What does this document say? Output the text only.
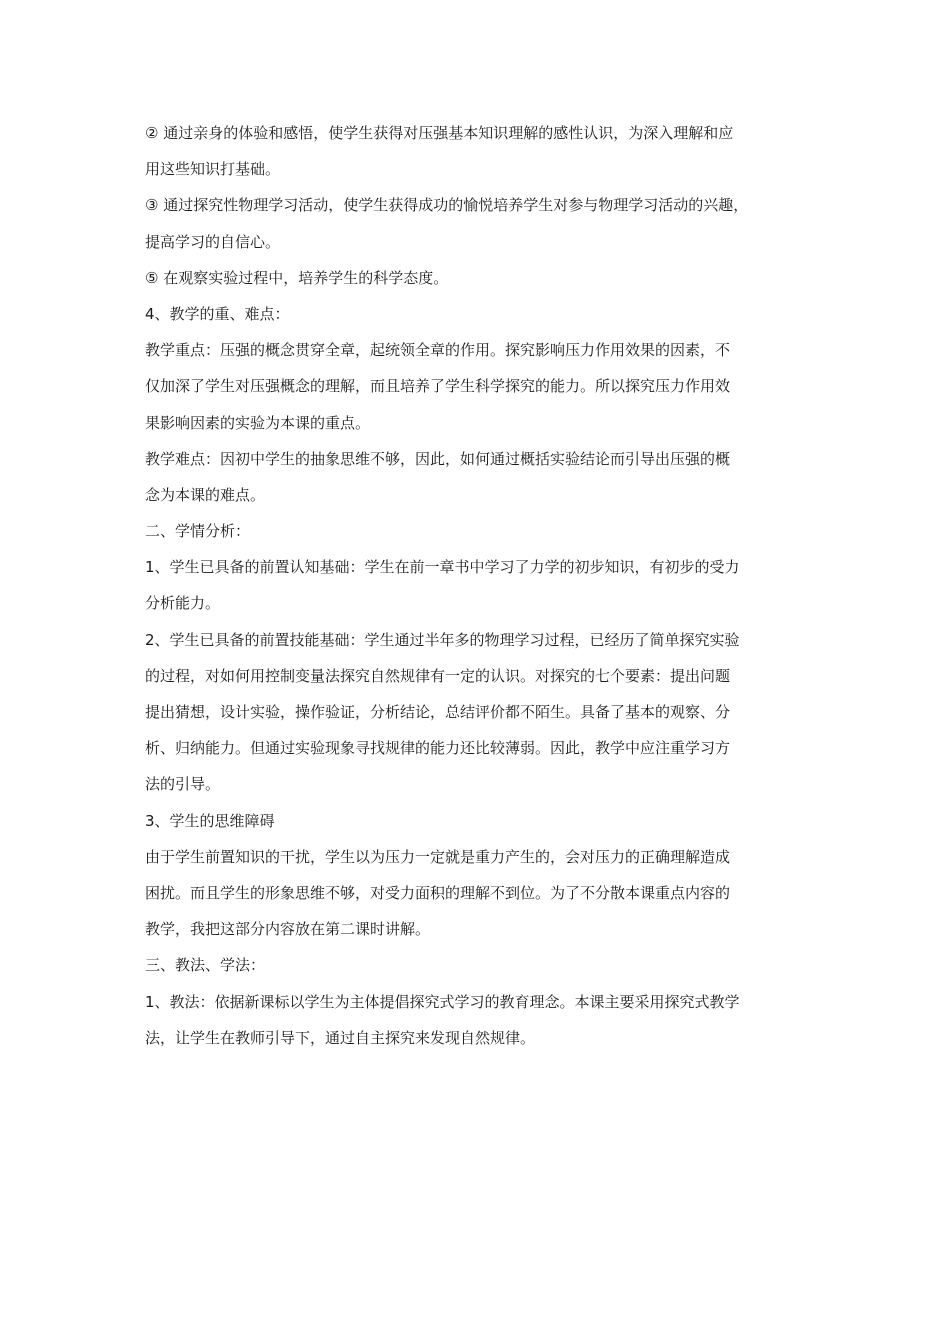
② 通过亲身的体验和感悟，使学生获得对压强基本知识理解的感性认识，为深入理解和应
用这些知识打基础。
③ 通过探究性物理学习活动，使学生获得成功的愉悦培养学生对参与物理学习活动的兴趣，
提高学习的自信心。
⑤ 在观察实验过程中，培养学生的科学态度。
4、教学的重、难点：
教学重点：压强的概念贯穿全章，起统领全章的作用。探究影响压力作用效果的因素，不
仅加深了学生对压强概念的理解，而且培养了学生科学探究的能力。所以探究压力作用效
果影响因素的实验为本课的重点。
教学难点：因初中学生的抽象思维不够，因此，如何通过概括实验结论而引导出压强的概
念为本课的难点。
二、学情分析：
1、学生已具备的前置认知基础：学生在前一章书中学习了力学的初步知识，有初步的受力
分析能力。
2、学生已具备的前置技能基础：学生通过半年多的物理学习过程，已经历了简单探究实验
的过程，对如何用控制变量法探究自然规律有一定的认识。对探究的七个要素：提出问题
提出猜想，设计实验，操作验证，分析结论，总结评价都不陌生。具备了基本的观察、分
析、归纳能力。但通过实验现象寻找规律的能力还比较薄弱。因此，教学中应注重学习方
法的引导。
3、学生的思维障碍
由于学生前置知识的干扰，学生以为压力一定就是重力产生的，会对压力的正确理解造成
困扰。而且学生的形象思维不够，对受力面积的理解不到位。为了不分散本课重点内容的
教学，我把这部分内容放在第二课时讲解。
三、教法、学法：
1、教法：依据新课标以学生为主体提倡探究式学习的教育理念。本课主要采用探究式教学
法，让学生在教师引导下，通过自主探究来发现自然规律。
